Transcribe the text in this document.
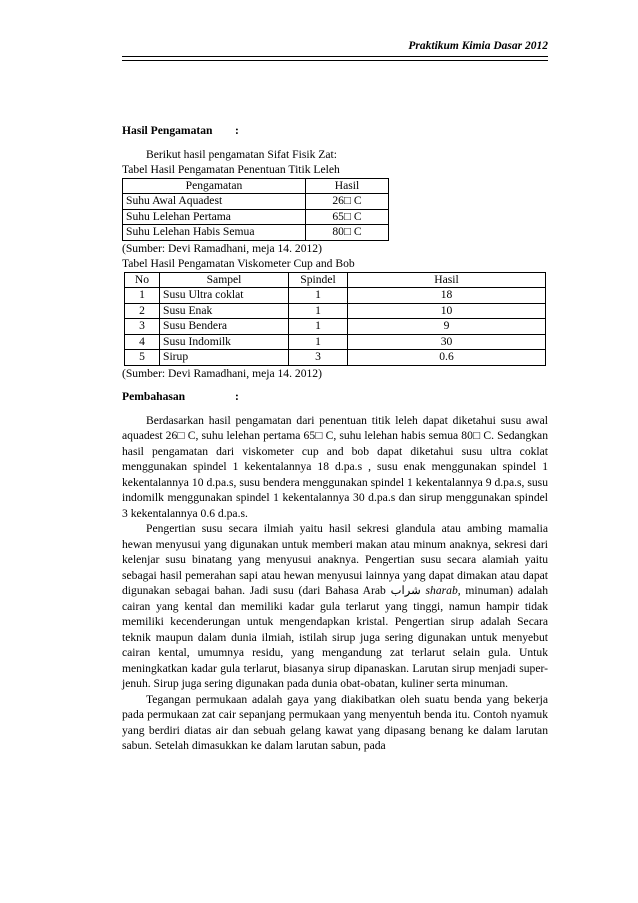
Praktikum Kimia Dasar 2012
Hasil Pengamatan	:
Berikut hasil pengamatan Sifat Fisik Zat:
Tabel Hasil Pengamatan Penentuan Titik Leleh
Pengamatan	Hasil
Suhu Awal Aquadest	26□ C
Suhu Lelehan Pertama	65□ C
Suhu Lelehan Habis Semua	80□ C
(Sumber: Devi Ramadhani, meja 14. 2012)
Tabel Hasil Pengamatan Viskometer Cup and Bob
No	Sampel	Spindel	Hasil
1	Susu Ultra coklat	1	18
2	Susu Enak	1	10
3	Susu Bendera	1	9
4	Susu Indomilk	1	30
5	Sirup	3	0.6
(Sumber: Devi Ramadhani, meja 14. 2012)
Pembahasan	:
Berdasarkan hasil pengamatan dari penentuan titik leleh dapat diketahui susu awal aquadest 26□ C, suhu lelehan pertama 65□ C, suhu lelehan habis semua 80□ C. Sedangkan hasil pengamatan dari viskometer cup and bob dapat diketahui susu ultra coklat menggunakan spindel 1 kekentalannya 18 d.pa.s , susu enak menggunakan spindel 1 kekentalannya 10 d.pa.s, susu bendera menggunakan spindel 1 kekentalannya 9 d.pa.s, susu indomilk menggunakan spindel 1 kekentalannya 30 d.pa.s dan sirup menggunakan spindel 3 kekentalannya 0.6 d.pa.s.
Pengertian susu secara ilmiah yaitu hasil sekresi glandula atau ambing mamalia hewan menyusui yang digunakan untuk memberi makan atau minum anaknya, sekresi dari kelenjar susu binatang yang menyusui anaknya. Pengertian susu secara alamiah yaitu sebagai hasil pemerahan sapi atau hewan menyusui lainnya yang dapat dimakan atau dapat digunakan sebagai bahan. Jadi susu (dari Bahasa Arab شراب sharab, minuman) adalah cairan yang kental dan memiliki kadar gula terlarut yang tinggi, namun hampir tidak memiliki kecenderungan untuk mengendapkan kristal. Pengertian sirup adalah Secara teknik maupun dalam dunia ilmiah, istilah sirup juga sering digunakan untuk menyebut cairan kental, umumnya residu, yang mengandung zat terlarut selain gula. Untuk meningkatkan kadar gula terlarut, biasanya sirup dipanaskan. Larutan sirup menjadi super-jenuh. Sirup juga sering digunakan pada dunia obat-obatan, kuliner serta minuman.
Tegangan permukaan adalah gaya yang diakibatkan oleh suatu benda yang bekerja pada permukaan zat cair sepanjang permukaan yang menyentuh benda itu. Contoh nyamuk yang berdiri diatas air dan sebuah gelang kawat yang dipasang benang ke dalam larutan sabun. Setelah dimasukkan ke dalam larutan sabun, pada
